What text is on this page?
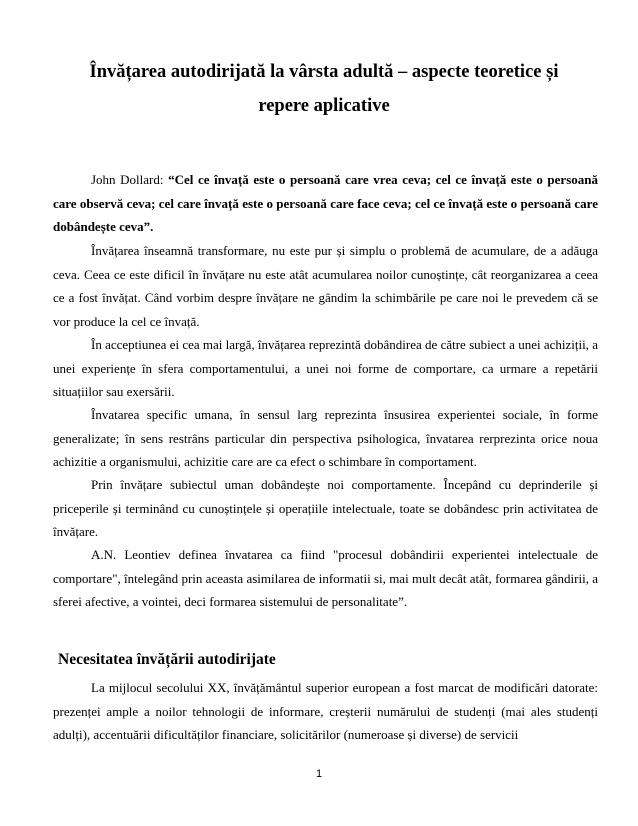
Învățarea autodirijată la vârsta adultă – aspecte teoretice și
repere aplicative
John Dollard: “Cel ce învață este o persoană care vrea ceva; cel ce învață este o persoană care observă ceva; cel care învață este o persoană care face ceva; cel ce învață este o persoană care dobândește ceva”.
Învățarea înseamnă transformare, nu este pur și simplu o problemă de acumulare, de a adăuga ceva. Ceea ce este dificil în învățare nu este atât acumularea noilor cunoștințe, cât reorganizarea a ceea ce a fost învățat. Când vorbim despre învățare ne gândim la schimbările pe care noi le prevedem că se vor produce la cel ce învață.
În acceptiunea ei cea mai largă, învățarea reprezintă dobândirea de către subiect a unei achiziții, a unei experiențe în sfera comportamentului, a unei noi forme de comportare, ca urmare a repetării situațiilor sau exersării.
Învatarea specific umana, în sensul larg reprezinta însusirea experientei sociale, în forme generalizate; în sens restrâns particular din perspectiva psihologica, învatarea rerprezinta orice noua achizitie a organismului, achizitie care are ca efect o schimbare în comportament.
Prin învățare subiectul uman dobândește noi comportamente. Începând cu deprinderile și priceperile și terminând cu cunoștințele și operațiile intelectuale, toate se dobândesc prin activitatea de învățare.
A.N. Leontiev definea învatarea ca fiind "procesul dobândirii experientei intelectuale de comportare", întelegând prin aceasta asimilarea de informatii si, mai mult decât atât, formarea gândirii, a sferei afective, a vointei, deci formarea sistemului de personalitate”.
Necesitatea învățării autodirijate
La mijlocul secolului XX, învățământul superior european a fost marcat de modificări datorate: prezenței ample a noilor tehnologii de informare, creșterii numărului de studenți (mai ales studenți adulți), accentuării dificultăților financiare, solicitărilor (numeroase și diverse) de servicii
1
